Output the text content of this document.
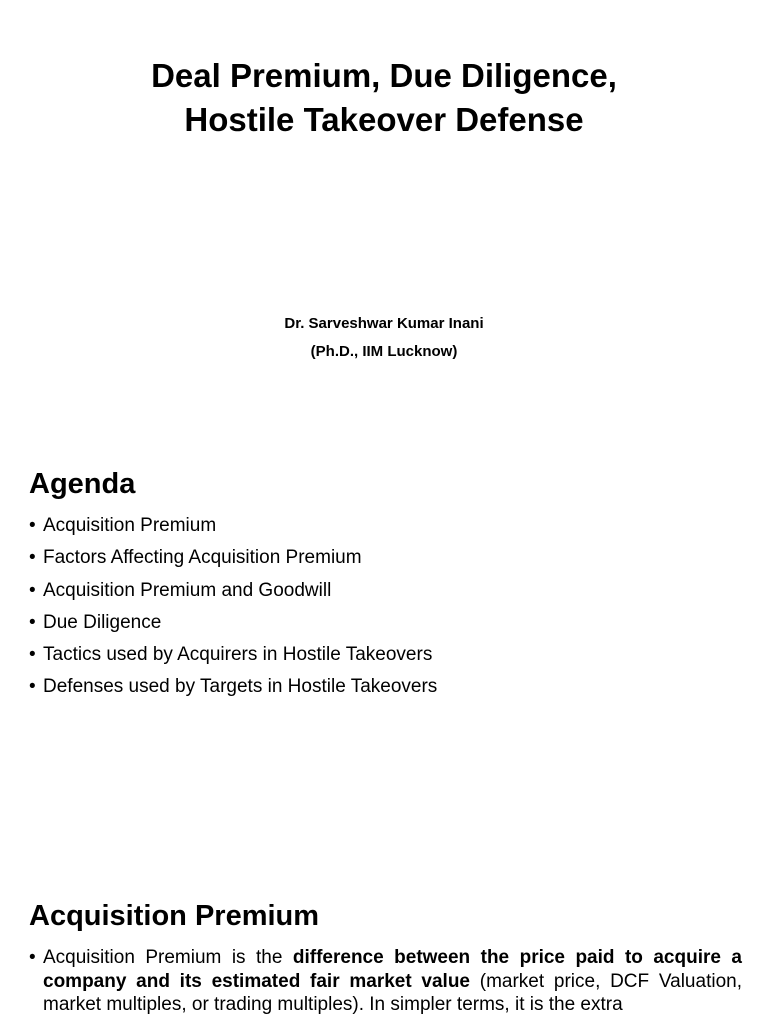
Deal Premium, Due Diligence,
Hostile Takeover Defense
Dr. Sarveshwar Kumar Inani
(Ph.D., IIM Lucknow)
Agenda
• Acquisition Premium
• Factors Affecting Acquisition Premium
• Acquisition Premium and Goodwill
• Due Diligence
• Tactics used by Acquirers in Hostile Takeovers
• Defenses used by Targets in Hostile Takeovers
Acquisition Premium
• Acquisition Premium is the difference between the price paid to acquire a company and its estimated fair market value (market price, DCF Valuation, market multiples, or trading multiples). In simpler terms, it is the extra
